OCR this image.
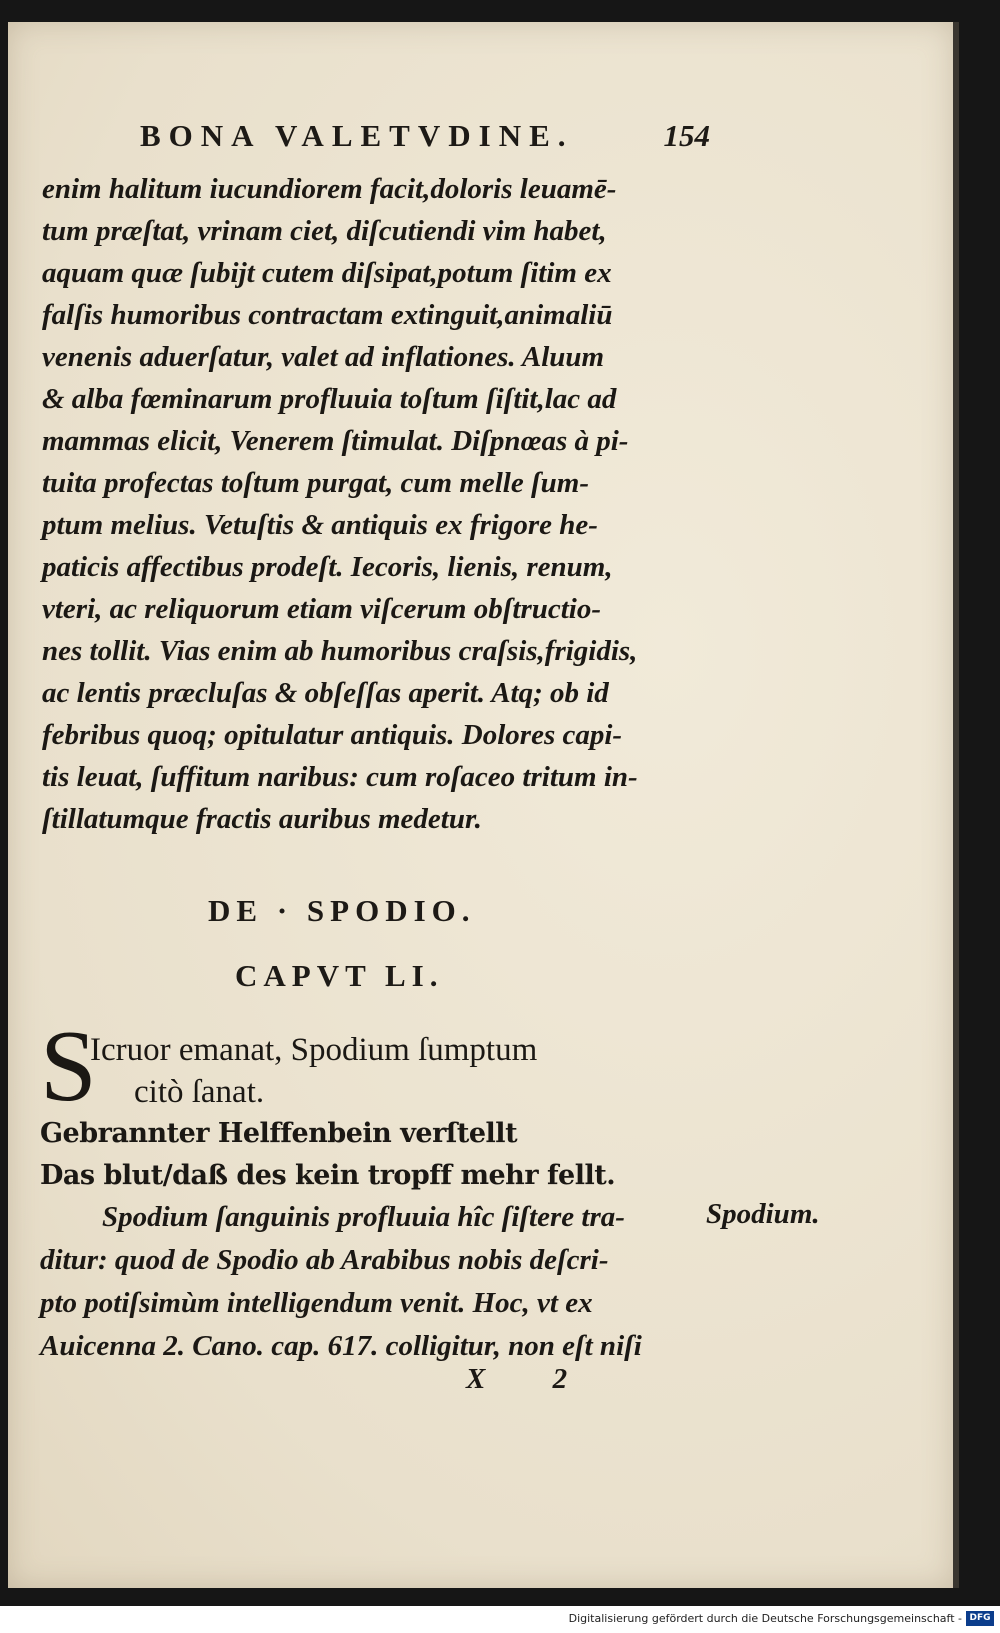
BONA VALETVDINE.	154
enim halitum iucundiorem facit,doloris leuamē-
tum præſtat, vrinam ciet, diſcutiendi vim habet,
aquam quæ ſubijt cutem diſsipat,potum ſitim ex
falſis humoribus contractam extinguit,animaliū
venenis aduerſatur, valet ad inflationes. Aluum
& alba fœminarum profluuia toſtum ſiſtit,lac ad
mammas elicit, Venerem ſtimulat. Diſpnœas à pi-
tuita profectas toſtum purgat, cum melle ſum-
ptum melius. Vetuſtis & antiquis ex frigore he-
paticis affectibus prodeſt. Iecoris, lienis, renum,
vteri, ac reliquorum etiam viſcerum obſtructio-
nes tollit. Vias enim ab humoribus craſsis,frigidis,
ac lentis præcluſas & obſeſſas aperit. Atq; ob id
febribus quoq; opitulatur antiquis. Dolores capi-
tis leuat, ſuffitum naribus: cum roſaceo tritum in-
ſtillatumque fractis auribus medetur.
DE · SPODIO.
CAPVT LI.
S
Icruor emanat, Spodium ſumptum
citò ſanat.
Gebrannter Helffenbein verſtellt
Das blut/daß des kein tropff mehr fellt.
Spodium ſanguinis profluuia hîc ſiſtere tra-
ditur: quod de Spodio ab Arabibus nobis deſcri-
pto potiſsimùm intelligendum venit. Hoc, vt ex
Auicenna 2. Cano. cap. 617. colligitur, non eſt niſi
Spodium.
X 2
Digitalisierung gefördert durch die Deutsche Forschungsgemeinschaft - DFG
